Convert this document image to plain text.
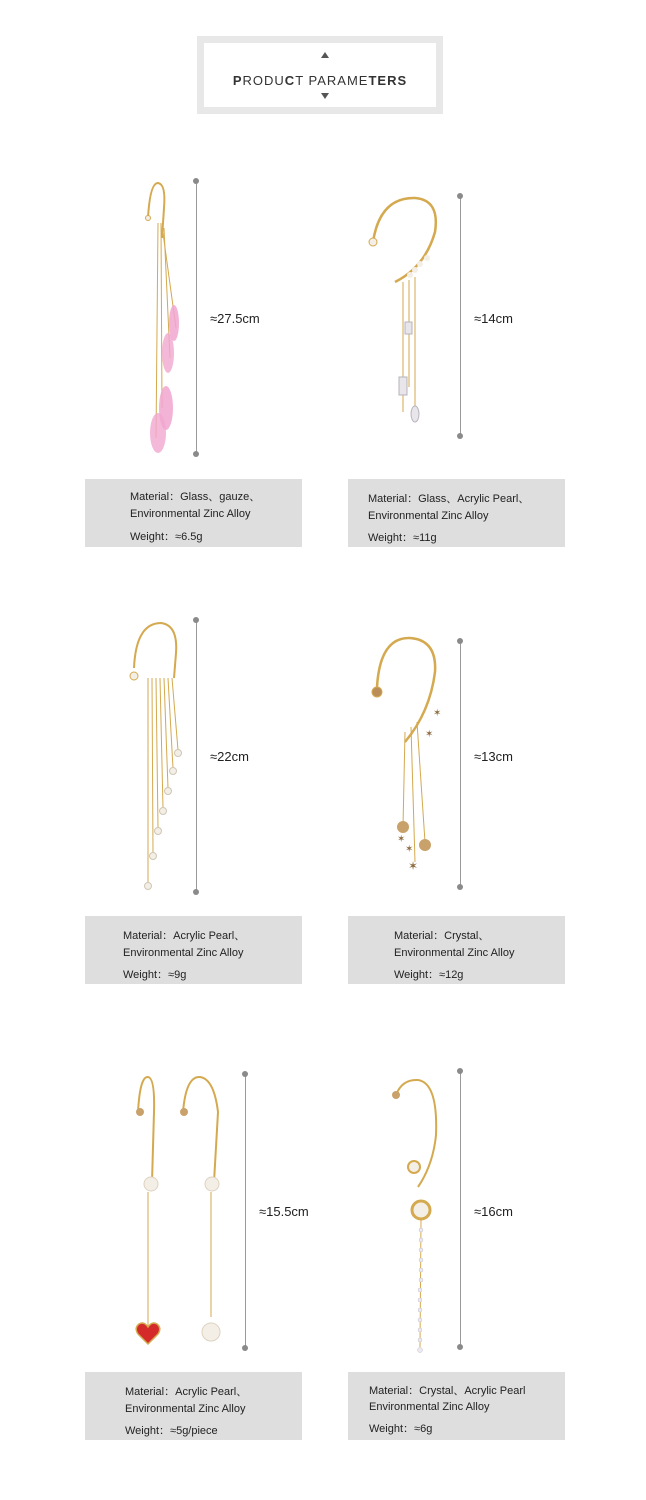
PRODUCT PARAMETERS
≈27.5cm
Material：Glass、gauze、
Environmental Zinc Alloy
Weight：≈6.5g
≈14cm
Material：Glass、Acrylic Pearl、
Environmental Zinc Alloy
Weight：≈11g
≈22cm
Material：Acrylic Pearl、
Environmental Zinc Alloy
Weight：≈9g
✶
✶
✶
✶
✶
≈13cm
Material：Crystal、
Environmental Zinc Alloy
Weight：≈12g
≈15.5cm
Material：Acrylic Pearl、
Environmental Zinc Alloy
Weight：≈5g/piece
≈16cm
Material：Crystal、Acrylic Pearl
Environmental Zinc Alloy
Weight：≈6g
